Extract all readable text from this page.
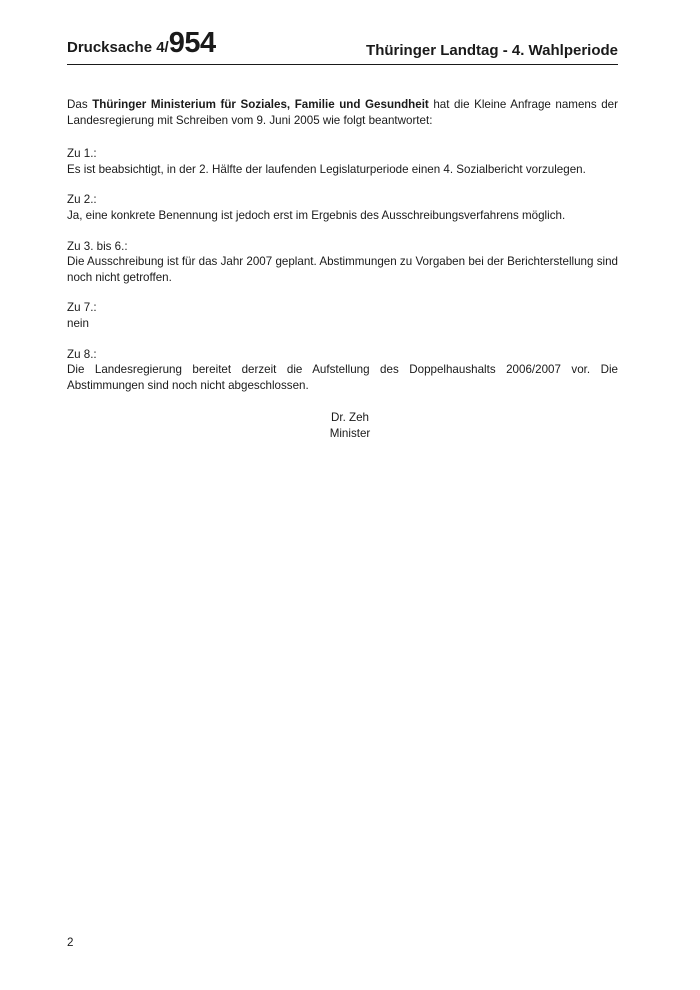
Drucksache 4/954	Thüringer Landtag - 4. Wahlperiode

Das Thüringer Ministerium für Soziales, Familie und Gesundheit hat die Kleine Anfrage namens der Landesregierung mit Schreiben vom 9. Juni 2005 wie folgt beantwortet:

Zu 1.:
Es ist beabsichtigt, in der 2. Hälfte der laufenden Legislaturperiode einen 4. Sozialbericht vorzulegen.
Zu 2.:
Ja, eine konkrete Benennung ist jedoch erst im Ergebnis des Ausschreibungsverfahrens möglich.
Zu 3. bis 6.:
Die Ausschreibung ist für das Jahr 2007 geplant. Abstimmungen zu Vorgaben bei der Berichterstellung sind noch nicht getroffen.
Zu 7.:
nein
Zu 8.:
Die Landesregierung bereitet derzeit die Aufstellung des Doppelhaushalts 2006/2007 vor. Die Abstimmungen sind noch nicht abgeschlossen.
Dr. Zeh
Minister
2
